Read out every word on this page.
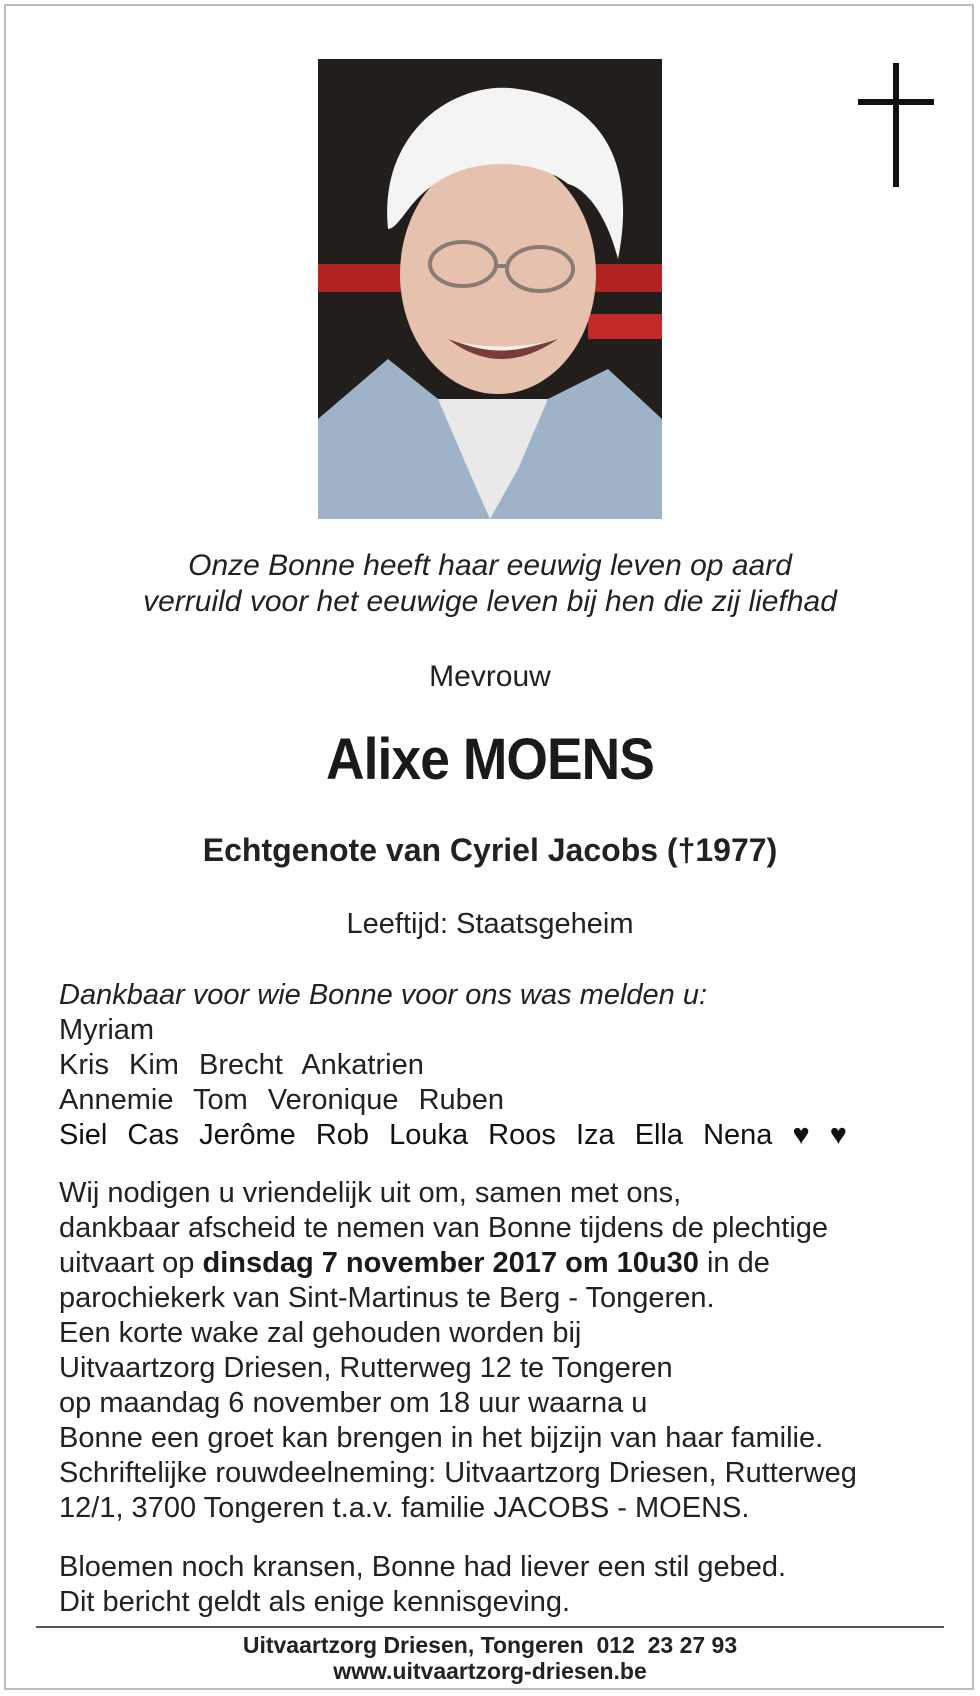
Onze Bonne heeft haar eeuwig leven op aard
verruild voor het eeuwige leven bij hen die zij liefhad
Mevrouw
Alixe MOENS
Echtgenote van Cyriel Jacobs (†1977)
Leeftijd: Staatsgeheim
Dankbaar voor wie Bonne voor ons was melden u:
Myriam
Kris Kim Brecht Ankatrien
Annemie Tom Veronique Ruben
Siel Cas Jerôme Rob Louka Roos Iza Ella Nena ♥ ♥
Wij nodigen u vriendelijk uit om, samen met ons,
dankbaar afscheid te nemen van Bonne tijdens de plechtige
uitvaart op dinsdag 7 november 2017 om 10u30 in de
parochiekerk van Sint-Martinus te Berg - Tongeren.
Een korte wake zal gehouden worden bij
Uitvaartzorg Driesen, Rutterweg 12 te Tongeren
op maandag 6 november om 18 uur waarna u
Bonne een groet kan brengen in het bijzijn van haar familie.
Schriftelijke rouwdeelneming: Uitvaartzorg Driesen, Rutterweg
12/1, 3700 Tongeren t.a.v. familie JACOBS - MOENS.
Bloemen noch kransen, Bonne had liever een stil gebed.
Dit bericht geldt als enige kennisgeving.
Uitvaartzorg Driesen, Tongeren  012  23 27 93
www.uitvaartzorg-driesen.be
